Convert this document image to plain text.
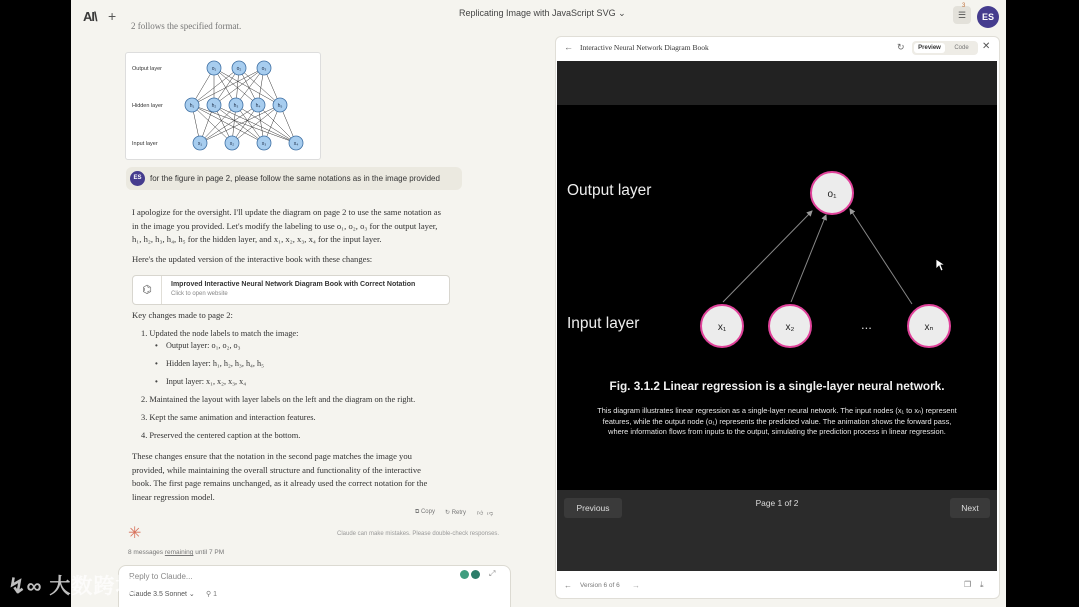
AI\ +	Replicating Image with JavaScript SVG ⌄	☰
3
ES
2 follows the specified format.
Output layer
Hidden layer
Input layer
o₁	o₂	o₃
h₁	h₂	h₃	h₄	h₅
x₁	x₂	x₃	x₄
ES	for the figure in page 2, please follow the same notations as in the image provided
I apologize for the oversight. I'll update the diagram on page 2 to use the same notation as
in the image you provided. Let's modify the labeling to use o₁, o₂, o₃ for the output layer,
h₁, h₂, h₃, h₄, h₅ for the hidden layer, and x₁, x₂, x₃, x₄ for the input layer.
Here's the updated version of the interactive book with these changes:
⌬	Improved Interactive Neural Network Diagram Book with Correct Notation
Click to open website
Key changes made to page 2:
1. Updated the node labels to match the image:
• Output layer: o₁, o₂, o₃
• Hidden layer: h₁, h₂, h₃, h₄, h₅
• Input layer: x₁, x₂, x₃, x₄
2. Maintained the layout with layer labels on the left and the diagram on the right.
3. Kept the same animation and interaction features.
4. Preserved the centered caption at the bottom.
These changes ensure that the notation in the second page matches the image you
provided, while maintaining the overall structure and functionality of the interactive
book. The first page remains unchanged, as it already used the correct notation for the
linear regression model.
⧉ Copy ↻ Retry 👍︎ 👎︎
✳	Claude can make mistakes. Please double-check responses.
8 messages remaining until 7 PM
Reply to Claude...
Claude 3.5 Sonnet ⌄ ⚲ 1
⤢
← Interactive Neural Network Diagram Book	↻	Preview	Code	✕
Output layer
Input layer
o₁
x₁	x₂	xₙ
...
Fig. 3.1.2 Linear regression is a single-layer neural network.
This diagram illustrates linear regression as a single-layer neural network. The input nodes (x₁ to xₙ) represent
features, while the output node (o₁) represents the predicted value. The animation shows the forward pass,
where information flows from inputs to the output, simulating the prediction process in linear regression.
Page 1 of 2
Previous	Next
← Version 6 of 6 →	❐ ⤓
↯∞ 大数跨境
